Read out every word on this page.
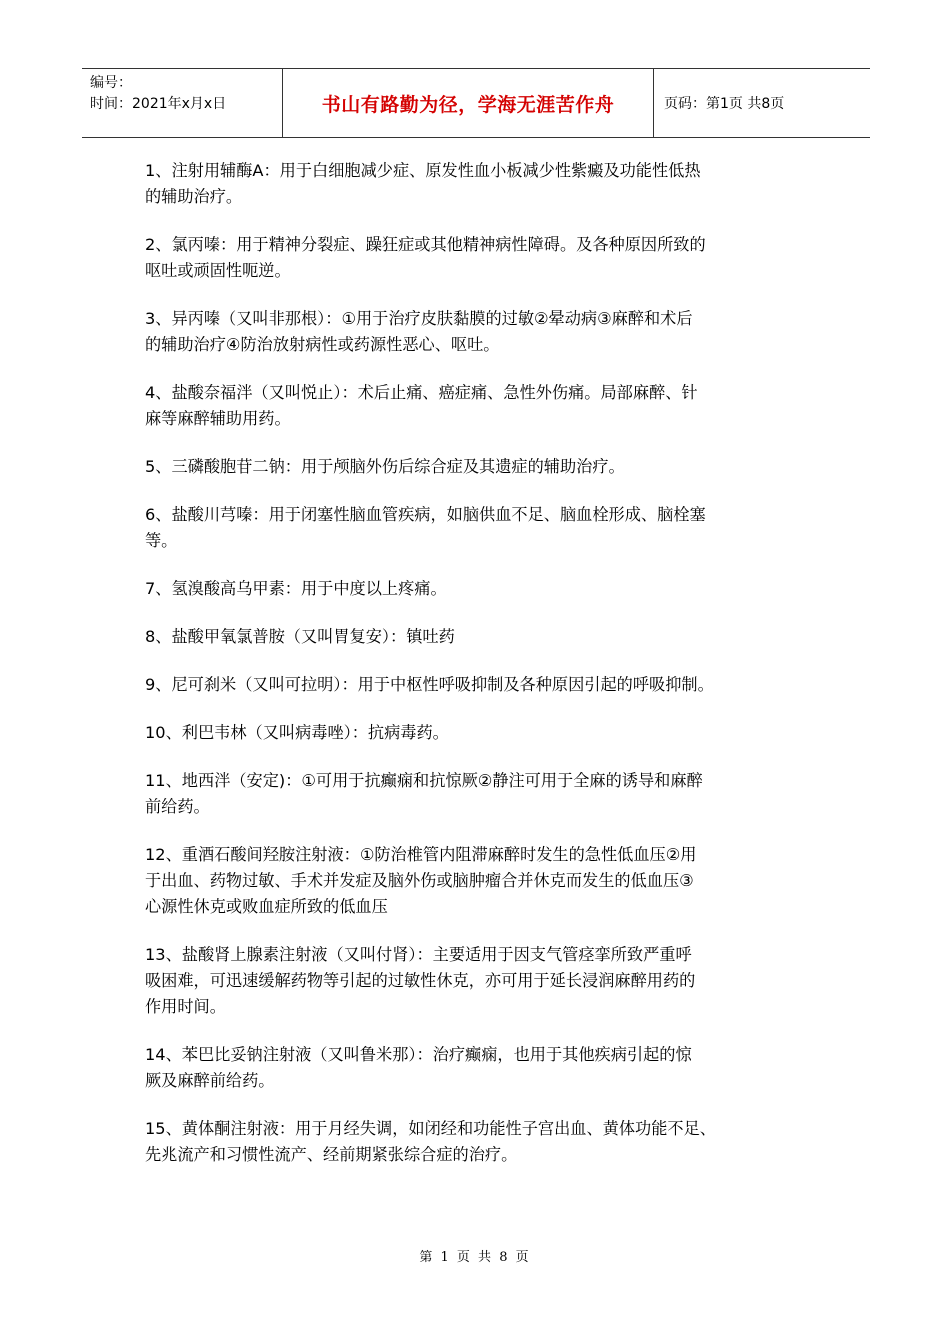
编号：
时间：2021年x月x日	书山有路勤为径，学海无涯苦作舟	页码：第1页 共8页

1、注射用辅酶A：用于白细胞减少症、原发性血小板减少性紫癜及功能性低热
的辅助治疗。

2、氯丙嗪：用于精神分裂症、躁狂症或其他精神病性障碍。及各种原因所致的
呕吐或顽固性呃逆。

3、异丙嗪（又叫非那根）：①用于治疗皮肤黏膜的过敏②晕动病③麻醉和术后
的辅助治疗④防治放射病性或药源性恶心、呕吐。

4、盐酸奈福泮（又叫悦止）：术后止痛、癌症痛、急性外伤痛。局部麻醉、针
麻等麻醉辅助用药。

5、三磷酸胞苷二钠：用于颅脑外伤后综合症及其遗症的辅助治疗。

6、盐酸川芎嗪：用于闭塞性脑血管疾病，如脑供血不足、脑血栓形成、脑栓塞
等。

7、氢溴酸高乌甲素：用于中度以上疼痛。

8、盐酸甲氧氯普胺（又叫胃复安）：镇吐药

9、尼可刹米（又叫可拉明）：用于中枢性呼吸抑制及各种原因引起的呼吸抑制。

10、利巴韦林（又叫病毒唑）：抗病毒药。

11、地西泮（安定)：①可用于抗癫痫和抗惊厥②静注可用于全麻的诱导和麻醉
前给药。

12、重酒石酸间羟胺注射液：①防治椎管内阻滞麻醉时发生的急性低血压②用
于出血、药物过敏、手术并发症及脑外伤或脑肿瘤合并休克而发生的低血压③
心源性休克或败血症所致的低血压

13、盐酸肾上腺素注射液（又叫付肾）：主要适用于因支气管痉挛所致严重呼
吸困难，可迅速缓解药物等引起的过敏性休克，亦可用于延长浸润麻醉用药的
作用时间。

14、苯巴比妥钠注射液（又叫鲁米那）：治疗癫痫，也用于其他疾病引起的惊
厥及麻醉前给药。

15、黄体酮注射液：用于月经失调，如闭经和功能性子宫出血、黄体功能不足、
先兆流产和习惯性流产、经前期紧张综合症的治疗。

第 1 页 共 8 页
